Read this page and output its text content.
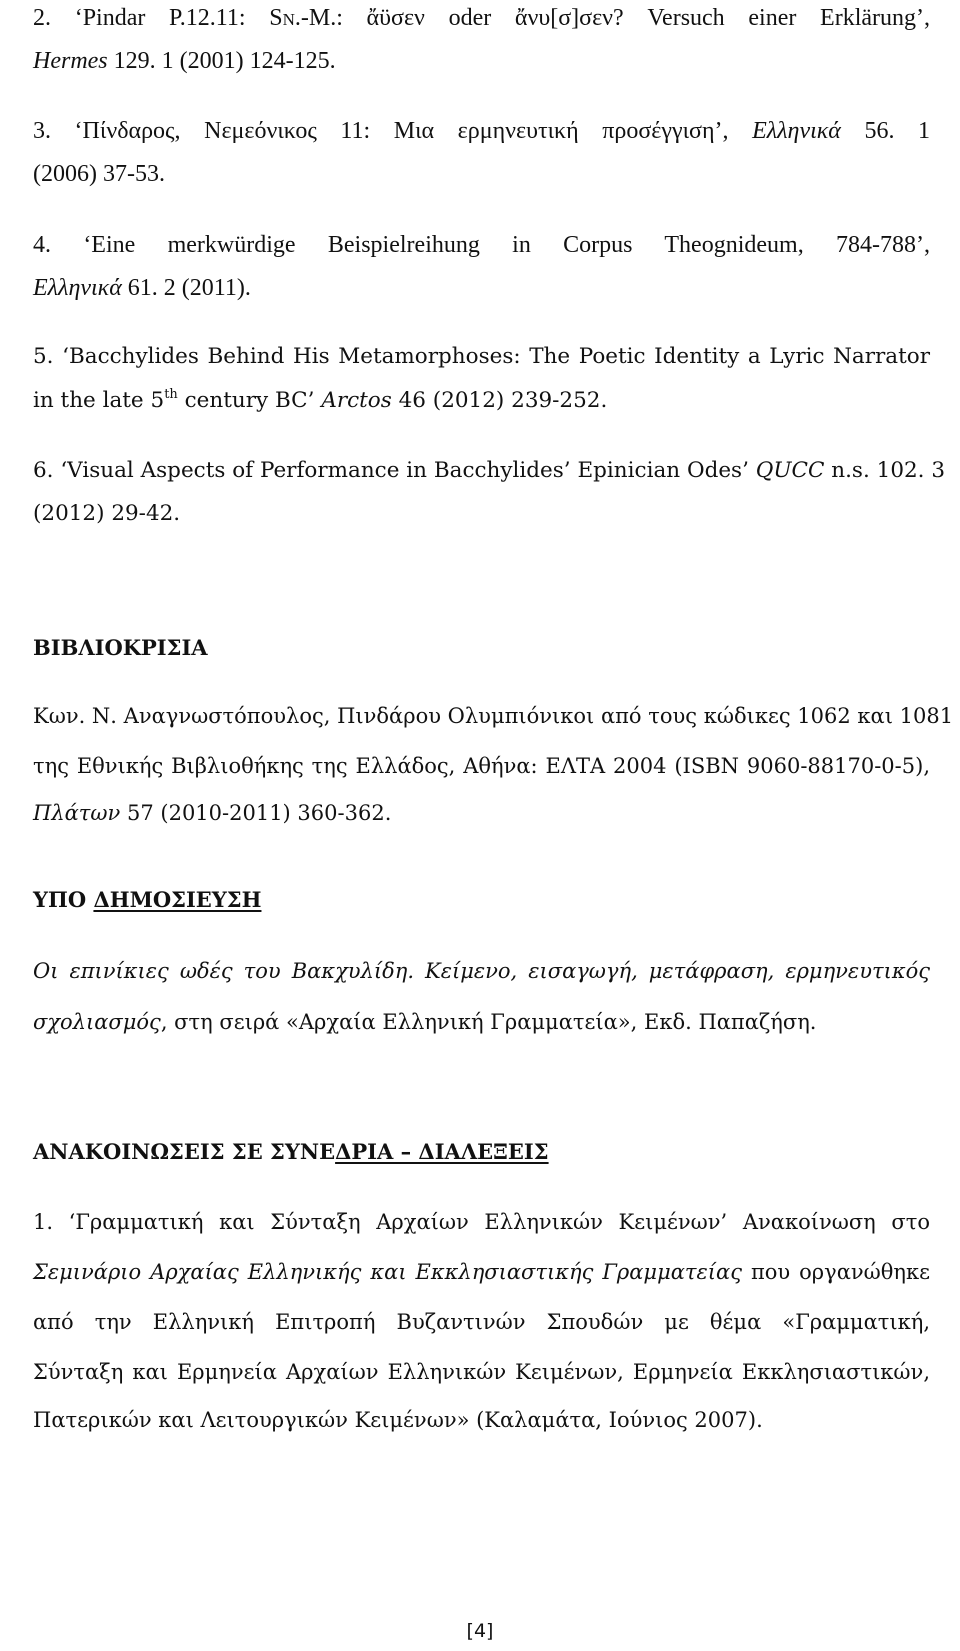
2. ‘Pindar P.12.11: SN.-M.: ἄϋσεν oder ἄνυ[σ]σεν? Versuch einer Erklärung’,
Hermes 129. 1 (2001) 124-125.
3. ‘Πίνδαρος, Νεμεόνικος 11: Μια ερμηνευτική προσέγγιση’, Ελληνικά 56. 1
(2006) 37-53.
4. ‘Eine merkwürdige Beispielreihung in Corpus Theognideum, 784-788’,
Ελληνικά 61. 2 (2011).
5. ‘Bacchylides Behind His Metamorphoses: The Poetic Identity a Lyric Narrator
in the late 5th century BC’ Arctos 46 (2012) 239-252.
6. ‘Visual Aspects of Performance in Bacchylides’ Epinician Odes’ QUCC n.s. 102. 3
(2012) 29-42.
ΒΙΒΛΙΟΚΡΙΣΙΑ
Κων. Ν. Αναγνωστόπουλος, Πινδάρου Ολυμπιόνικοι από τους κώδικες 1062 και 1081
της Εθνικής Βιβλιοθήκης της Ελλάδος, Αθήνα: ΕΛΤΑ 2004 (ISBN 9060-88170-0-5),
Πλάτων 57 (2010-2011) 360-362.
ΥΠΟ ΔΗΜΟΣΙΕΥΣΗ
Οι επινίκιες ωδές του Βακχυλίδη. Κείμενο, εισαγωγή, μετάφραση, ερμηνευτικός
σχολιασμός, στη σειρά «Αρχαία Ελληνική Γραμματεία», Εκδ. Παπαζήση.
ΑΝΑΚΟΙΝΩΣΕΙΣ ΣΕ ΣΥΝΕΔΡΙΑ – ΔΙΑΛΕΞΕΙΣ
1. ‘Γραμματική και Σύνταξη Αρχαίων Ελληνικών Κειμένων’ Ανακοίνωση στο
Σεμινάριο Αρχαίας Ελληνικής και Εκκλησιαστικής Γραμματείας που οργανώθηκε
από την Ελληνική Επιτροπή Βυζαντινών Σπουδών με θέμα «Γραμματική,
Σύνταξη και Ερμηνεία Αρχαίων Ελληνικών Κειμένων, Ερμηνεία Εκκλησιαστικών,
Πατερικών και Λειτουργικών Κειμένων» (Καλαμάτα, Ιούνιος 2007).
[4]
